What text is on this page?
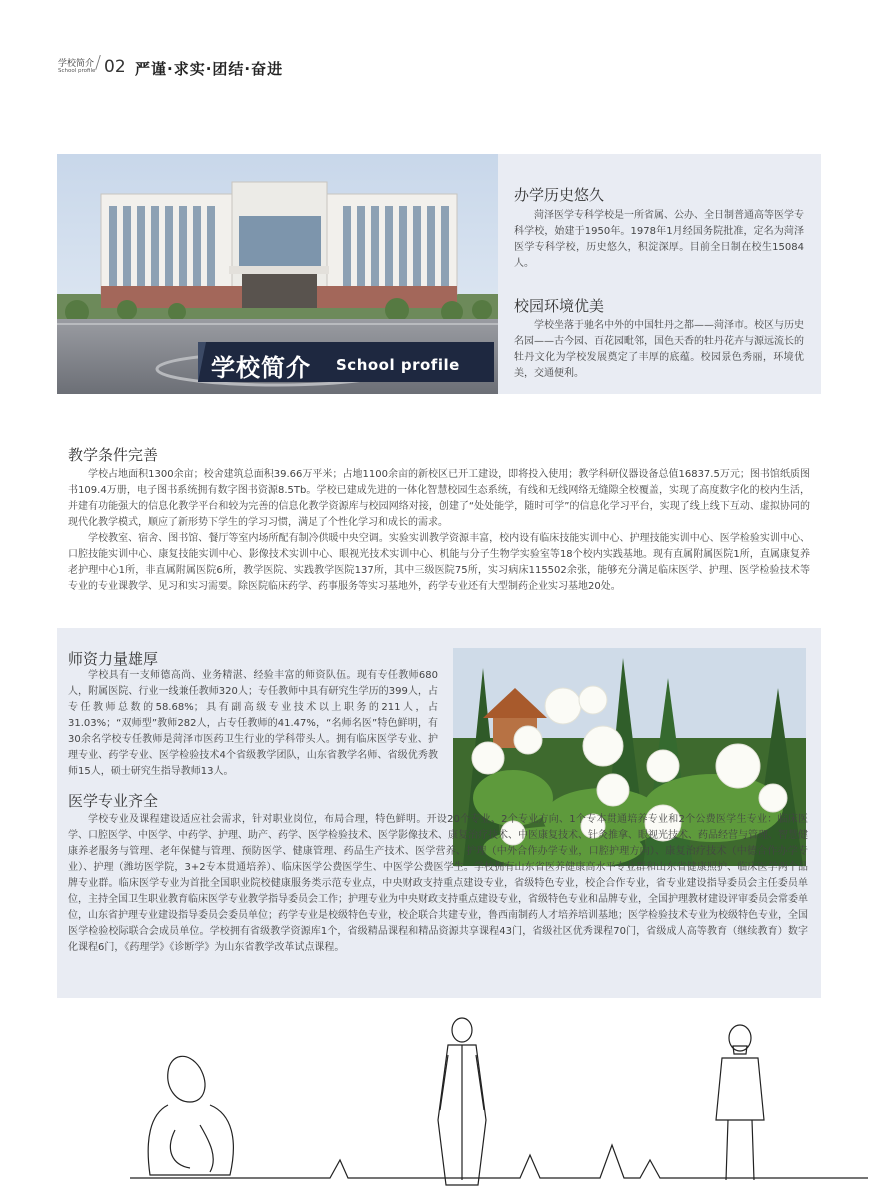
学校简介
School profile / 02 严谨·求实·团结·奋进
学校简介 School profile
办学历史悠久

菏泽医学专科学校是一所省属、公办、全日制普通高等医学专科学校，始建于1950年。1978年1月经国务院批准，定名为菏泽医学专科学校，历史悠久，积淀深厚。目前全日制在校生15084人。

校园环境优美

学校坐落于驰名中外的中国牡丹之都——菏泽市。校区与历史名园——古今园、百花园毗邻，国色天香的牡丹花卉与源远流长的牡丹文化为学校发展奠定了丰厚的底蕴。校园景色秀丽，环境优美，交通便利。

教学条件完善

学校占地面积1300余亩；校舍建筑总面积39.66万平米；占地1100余亩的新校区已开工建设，即将投入使用；教学科研仪器设备总值16837.5万元；图书馆纸质图书109.4万册，电子图书系统拥有数字图书资源8.5Tb。学校已建成先进的一体化智慧校园生态系统，有线和无线网络无缝隙全校覆盖，实现了高度数字化的校内生活，并建有功能强大的信息化教学平台和较为完善的信息化教学资源库与校园网络对接，创建了“处处能学，随时可学”的信息化学习平台，实现了线上线下互动、虚拟协同的现代化教学模式，顺应了新形势下学生的学习习惯，满足了个性化学习和成长的需求。

学校教室、宿舍、图书馆、餐厅等室内场所配有制冷供暖中央空调。实验实训教学资源丰富，校内设有临床技能实训中心、护理技能实训中心、医学检验实训中心、口腔技能实训中心、康复技能实训中心、影像技术实训中心、眼视光技术实训中心、机能与分子生物学实验室等18个校内实践基地。现有直属附属医院1所，直属康复养老护理中心1所，非直属附属医院6所，教学医院、实践教学医院137所，其中三级医院75所，实习病床115502余张，能够充分满足临床医学、护理、医学检验技术等专业的专业课教学、见习和实习需要。除医院临床药学、药事服务等实习基地外，药学专业还有大型制药企业实习基地20处。

师资力量雄厚

学校具有一支师德高尚、业务精湛、经验丰富的师资队伍。现有专任教师680人，附属医院、行业一线兼任教师320人；专任教师中具有研究生学历的399人，占专任教师总数的58.68%；具有副高级专业技术以上职务的211人，占31.03%；“双师型”教师282人，占专任教师的41.47%，“名师名医”特色鲜明，有30余名学校专任教师是菏泽市医药卫生行业的学科带头人。拥有临床医学专业、护理专业、药学专业、医学检验技术4个省级教学团队，山东省教学名师、省级优秀教师15人，硕士研究生指导教师13人。

医学专业齐全

学校专业及课程建设适应社会需求，针对职业岗位，布局合理，特色鲜明。开设20个专业、2个专业方向、1个专本贯通培养专业和2个公费医学生专业：临床医学、口腔医学、中医学、中药学、护理、助产、药学、医学检验技术、医学影像技术、康复治疗技术、中医康复技术、针灸推拿、眼视光技术、药品经营与管理、智慧健康养老服务与管理、老年保健与管理、预防医学、健康管理、药品生产技术、医学营养、护理（中外合作办学专业，口腔护理方向）、康复治疗技术（中德合作办学专业）、护理（潍坊医学院，3+2专本贯通培养）、临床医学公费医学生、中医学公费医学生。学校拥有山东省医养健康高水平专业群和山东省健康照护、临床医学两个品牌专业群。临床医学专业为首批全国职业院校健康服务类示范专业点，中央财政支持重点建设专业，省级特色专业，校企合作专业，省专业建设指导委员会主任委员单位，主持全国卫生职业教育临床医学专业教学指导委员会工作；护理专业为中央财政支持重点建设专业，省级特色专业和品牌专业，全国护理教材建设评审委员会常委单位，山东省护理专业建设指导委员会委员单位；药学专业是校级特色专业，校企联合共建专业，鲁西南制药人才培养培训基地；医学检验技术专业为校级特色专业，全国医学检验校际联合会成员单位。学校拥有省级教学资源库1个，省级精品课程和精品资源共享课程43门，省级社区优秀课程70门，省级成人高等教育（继续教育）数字化课程6门，《药理学》《诊断学》为山东省教学改革试点课程。
